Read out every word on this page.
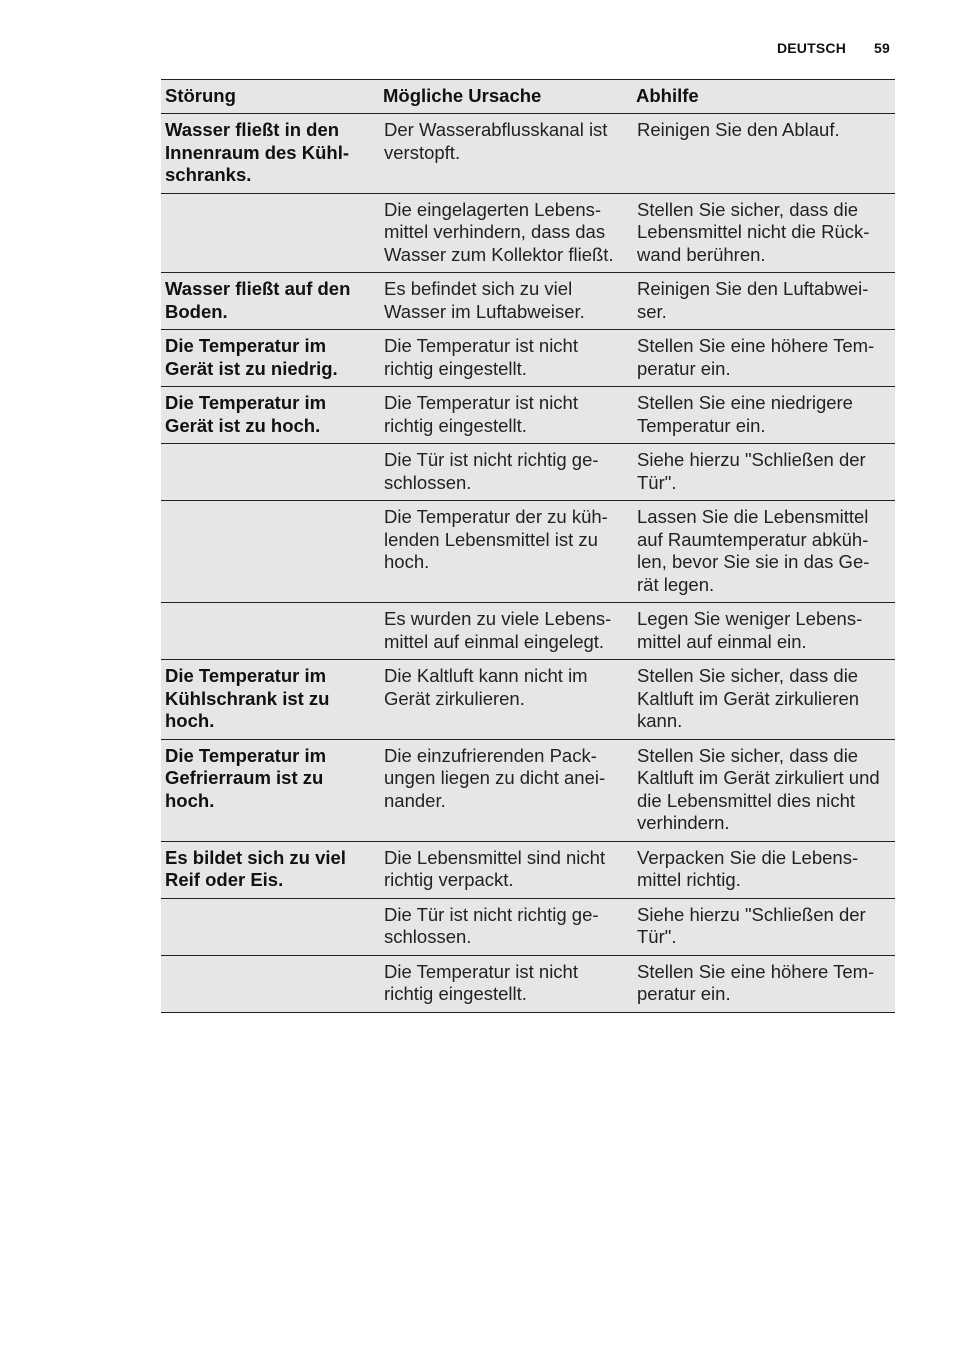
DEUTSCH 59
Störung	Mögliche Ursache	Abhilfe
Wasser fließt in den Innenraum des Kühl- schranks.	Der Wasserabflusskanal ist verstopft.	Reinigen Sie den Ablauf.
	Die eingelagerten Lebens- mittel verhindern, dass das Wasser zum Kollektor fließt.	Stellen Sie sicher, dass die Lebensmittel nicht die Rück- wand berühren.
Wasser fließt auf den Boden.	Es befindet sich zu viel Wasser im Luftabweiser.	Reinigen Sie den Luftabwei- ser.
Die Temperatur im Gerät ist zu niedrig.	Die Temperatur ist nicht richtig eingestellt.	Stellen Sie eine höhere Tem- peratur ein.
Die Temperatur im Gerät ist zu hoch.	Die Temperatur ist nicht richtig eingestellt.	Stellen Sie eine niedrigere Temperatur ein.
	Die Tür ist nicht richtig ge- schlossen.	Siehe hierzu "Schließen der Tür".
	Die Temperatur der zu küh- lenden Lebensmittel ist zu hoch.	Lassen Sie die Lebensmittel auf Raumtemperatur abküh- len, bevor Sie sie in das Ge- rät legen.
	Es wurden zu viele Lebens- mittel auf einmal eingelegt.	Legen Sie weniger Lebens- mittel auf einmal ein.
Die Temperatur im Kühlschrank ist zu hoch.	Die Kaltluft kann nicht im Gerät zirkulieren.	Stellen Sie sicher, dass die Kaltluft im Gerät zirkulieren kann.
Die Temperatur im Gefrierraum ist zu hoch.	Die einzufrierenden Pack- ungen liegen zu dicht anei- nander.	Stellen Sie sicher, dass die Kaltluft im Gerät zirkuliert und die Lebensmittel dies nicht verhindern.
Es bildet sich zu viel Reif oder Eis.	Die Lebensmittel sind nicht richtig verpackt.	Verpacken Sie die Lebens- mittel richtig.
	Die Tür ist nicht richtig ge- schlossen.	Siehe hierzu "Schließen der Tür".
	Die Temperatur ist nicht richtig eingestellt.	Stellen Sie eine höhere Tem- peratur ein.
